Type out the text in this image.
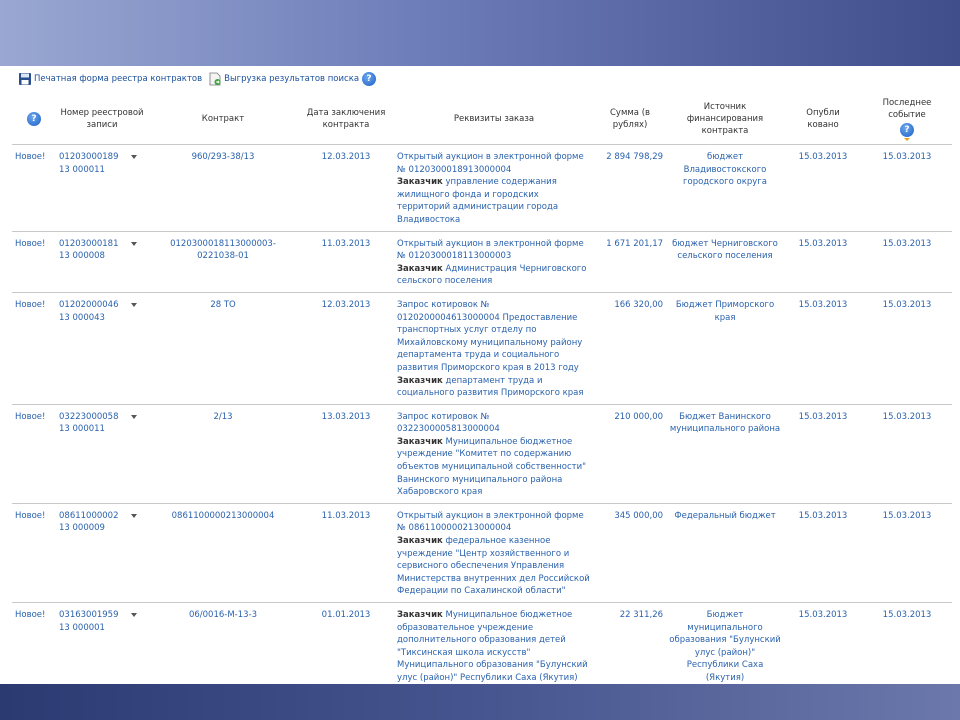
Печатная форма реестра контрактов	Выгрузка результатов поиска ?
?	Номер реестровой записи		Контракт	Дата заключения контракта	Реквизиты заказа	Сумма (в рублях)	Источник финансирования контракта	Опубли
ковано	Последнее событие
?

Новое!	01203000189
13 000011		960/293-38/13	12.03.2013	Открытый аукцион в электронной форме № 0120300018913000004
Заказчик управление содержания жилищного фонда и городских территорий администрации города Владивостока	2 894 798,29	бюджет Владивостокского городского округа	15.03.2013	15.03.2013
Новое!	01203000181
13 000008		0120300018113000003-0221038-01	11.03.2013	Открытый аукцион в электронной форме № 0120300018113000003
Заказчик Администрация Черниговского сельского поселения	1 671 201,17	бюджет Черниговского сельского поселения	15.03.2013	15.03.2013
Новое!	01202000046
13 000043		28 ТО	12.03.2013	Запрос котировок № 0120200004613000004 Предоставление транспортных услуг отделу по Михайловскому муниципальному району департамента труда и социального развития Приморского края в 2013 году
Заказчик департамент труда и социального развития Приморского края	166 320,00	Бюджет Приморского края	15.03.2013	15.03.2013
Новое!	03223000058
13 000011		2/13	13.03.2013	Запрос котировок № 0322300005813000004
Заказчик Муниципальное бюджетное учреждение "Комитет по содержанию объектов муниципальной собственности" Ванинского муниципального района Хабаровского края	210 000,00	Бюджет Ванинского муниципального района	15.03.2013	15.03.2013
Новое!	08611000002
13 000009		0861100000213000004	11.03.2013	Открытый аукцион в электронной форме № 0861100000213000004
Заказчик федеральное казенное учреждение "Центр хозяйственного и сервисного обеспечения Управления Министерства внутренних дел Российской Федерации по Сахалинской области"	345 000,00	Федеральный бюджет	15.03.2013	15.03.2013
Новое!	03163001959
13 000001		06/0016-М-13-3	01.01.2013	Заказчик Муниципальное бюджетное образовательное учреждение дополнительного образования детей "Тиксинская школа искусств" Муниципального образования "Булунский улус (район)" Республики Саха (Якутия)	22 311,26	Бюджет муниципального образования "Булунский улус (район)" Республики Саха (Якутия)	15.03.2013	15.03.2013
